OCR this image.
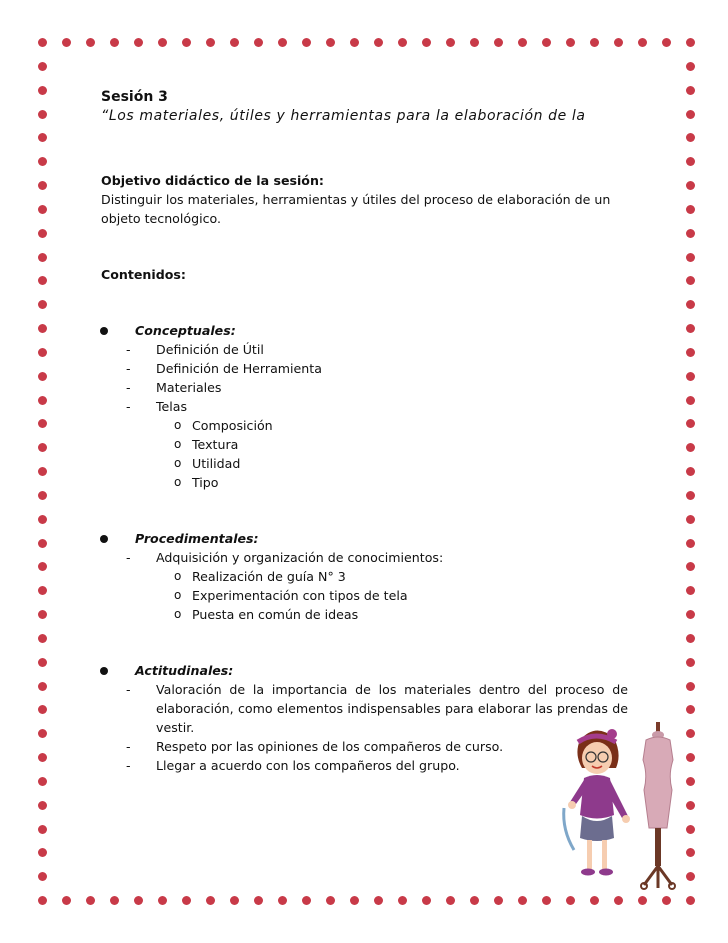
Sesión 3

“Los materiales, útiles y herramientas para la elaboración de la

Objetivo didáctico de la sesión:
Distinguir los materiales, herramientas y útiles del proceso de elaboración de un objeto tecnológico.
Contenidos:
Conceptuales:
- Definición de Útil
- Definición de Herramienta
- Materiales
- Telas
o Composición
o Textura
o Utilidad
o Tipo
Procedimentales:
- Adquisición y organización de conocimientos:
o Realización de guía N° 3
o Experimentación con tipos de tela
o Puesta en común de ideas
Actitudinales:
- Valoración de la importancia de los materiales dentro del proceso de elaboración, como elementos indispensables para elaborar las prendas de vestir.
- Respeto por las opiniones de los compañeros de curso.
- Llegar a acuerdo con los compañeros del grupo.
